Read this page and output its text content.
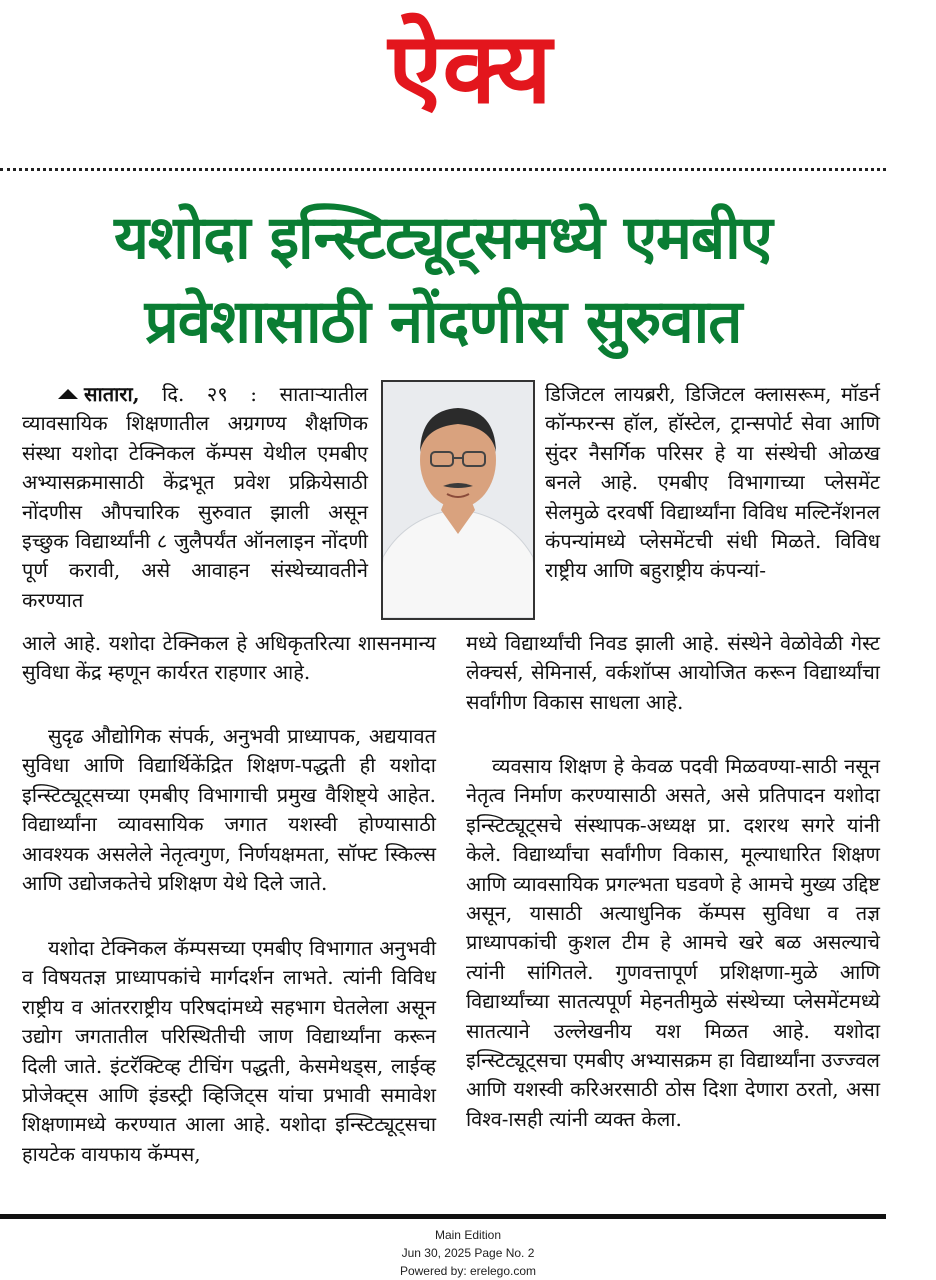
ऐक्य
यशोदा इन्स्टिट्यूट्समध्ये एमबीए
प्रवेशासाठी नोंदणीस सुरुवात

सातारा, दि. २९ : साताऱ्यातील व्यावसायिक शिक्षणातील अग्रगण्य शैक्षणिक संस्था यशोदा टेक्निकल कॅम्पस येथील एमबीए अभ्यासक्रमासाठी केंद्रभूत प्रवेश प्रक्रियेसाठी नोंदणीस औपचारिक सुरुवात झाली असून इच्छुक विद्यार्थ्यांनी ८ जुलैपर्यंत ऑनलाइन नोंदणी पूर्ण करावी, असे आवाहन संस्थेच्यावतीने करण्यात

आले आहे. यशोदा टेक्निकल हे अधिकृतरित्या शासनमान्य सुविधा केंद्र म्हणून कार्यरत राहणार आहे.

सुदृढ औद्योगिक संपर्क, अनुभवी प्राध्यापक, अद्ययावत सुविधा आणि विद्यार्थिकेंद्रित शिक्षण-पद्धती ही यशोदा इन्स्टिट्यूट्सच्या एमबीए विभागाची प्रमुख वैशिष्ट्ये आहेत. विद्यार्थ्यांना व्यावसायिक जगात यशस्वी होण्यासाठी आवश्यक असलेले नेतृत्वगुण, निर्णयक्षमता, सॉफ्ट स्किल्स आणि उद्योजकतेचे प्रशिक्षण येथे दिले जाते.

यशोदा टेक्निकल कॅम्पसच्या एमबीए विभागात अनुभवी व विषयतज्ञ प्राध्यापकांचे मार्गदर्शन लाभते. त्यांनी विविध राष्ट्रीय व आंतरराष्ट्रीय परिषदांमध्ये सहभाग घेतलेला असून उद्योग जगतातील परिस्थितीची जाण विद्यार्थ्यांना करून दिली जाते. इंटरॅक्टिव्ह टीचिंग पद्धती, केसमेथड्स, लाईव्ह प्रोजेक्ट्स आणि इंडस्ट्री व्हिजिट्स यांचा प्रभावी समावेश शिक्षणामध्ये करण्यात आला आहे. यशोदा इन्स्टिट्यूट्सचा हायटेक वायफाय कॅम्पस,

डिजिटल लायब्ररी, डिजिटल क्लासरूम, मॉडर्न कॉन्फरन्स हॉल, हॉस्टेल, ट्रान्सपोर्ट सेवा आणि सुंदर नैसर्गिक परिसर हे या संस्थेची ओळख बनले आहे. एमबीए विभागाच्या प्लेसमेंट सेलमुळे दरवर्षी विद्यार्थ्यांना विविध मल्टिनॅशनल कंपन्यांमध्ये प्लेसमेंटची संधी मिळते. विविध राष्ट्रीय आणि बहुराष्ट्रीय कंपन्यां-

मध्ये विद्यार्थ्यांची निवड झाली आहे. संस्थेने वेळोवेळी गेस्ट लेक्चर्स, सेमिनार्स, वर्कशॉप्स आयोजित करून विद्यार्थ्यांचा सर्वांगीण विकास साधला आहे.

व्यवसाय शिक्षण हे केवळ पदवी मिळवण्या-साठी नसून नेतृत्व निर्माण करण्यासाठी असते, असे प्रतिपादन यशोदा इन्स्टिट्यूट्सचे संस्थापक-अध्यक्ष प्रा. दशरथ सगरे यांनी केले. विद्यार्थ्यांचा सर्वांगीण विकास, मूल्याधारित शिक्षण आणि व्यावसायिक प्रगल्भता घडवणे हे आमचे मुख्य उद्दिष्ट असून, यासाठी अत्याधुनिक कॅम्पस सुविधा व तज्ञ प्राध्यापकांची कुशल टीम हे आमचे खरे बळ असल्याचे त्यांनी सांगितले. गुणवत्तापूर्ण प्रशिक्षणा-मुळे आणि विद्यार्थ्यांच्या सातत्यपूर्ण मेहनतीमुळे संस्थेच्या प्लेसमेंटमध्ये सातत्याने उल्लेखनीय यश मिळत आहे. यशोदा इन्स्टिट्यूट्सचा एमबीए अभ्यासक्रम हा विद्यार्थ्यांना उज्ज्वल आणि यशस्वी करिअरसाठी ठोस दिशा देणारा ठरतो, असा विश्व-ासही त्यांनी व्यक्त केला.

Main Edition
Jun 30, 2025 Page No. 2
Powered by: erelego.com
